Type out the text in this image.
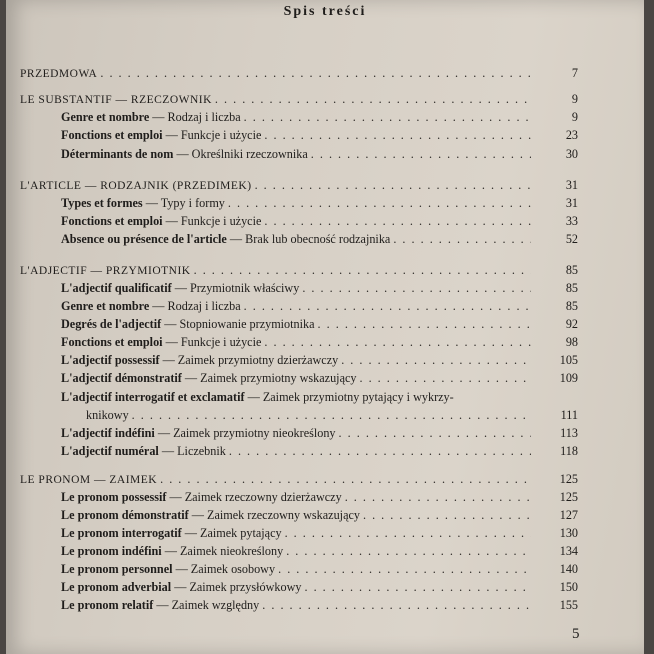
Spis treści
PRZEDMOWA . . .	7
LE SUBSTANTIF — RZECZOWNIK . . .	9
Genre et nombre — Rodzaj i liczba . . .	9
Fonctions et emploi — Funkcje i użycie . . .	23
Déterminants de nom — Określniki rzeczownika . . .	30
L'ARTICLE — RODZAJNIK (PRZEDIMEK) . . .	31
Types et formes — Typy i formy . . .	31
Fonctions et emploi — Funkcje i użycie . . .	33
Absence ou présence de l'article — Brak lub obecność rodzajnika . . .	52
L'ADJECTIF — PRZYMIOTNIK . . .	85
L'adjectif qualificatif — Przymiotnik właściwy . . .	85
Genre et nombre — Rodzaj i liczba . . .	85
Degrés de l'adjectif — Stopniowanie przymiotnika . . .	92
Fonctions et emploi — Funkcje i użycie . . .	98
L'adjectif possessif — Zaimek przymiotny dzierżawczy . . .	105
L'adjectif démonstratif — Zaimek przymiotny wskazujący . . .	109
L'adjectif interrogatif et exclamatif — Zaimek przymiotny pytający i wykrzy-
knikowy . . .	111
L'adjectif indéfini — Zaimek przymiotny nieokreślony . . .	113
L'adjectif numéral — Liczebnik . . .	118
LE PRONOM — ZAIMEK . . .	125
Le pronom possessif — Zaimek rzeczowny dzierżawczy . . .	125
Le pronom démonstratif — Zaimek rzeczowny wskazujący . . .	127
Le pronom interrogatif — Zaimek pytający . . .	130
Le pronom indéfini — Zaimek nieokreślony . . .	134
Le pronom personnel — Zaimek osobowy . . .	140
Le pronom adverbial — Zaimek przysłówkowy . . .	150
Le pronom relatif — Zaimek względny . . .	155
5
